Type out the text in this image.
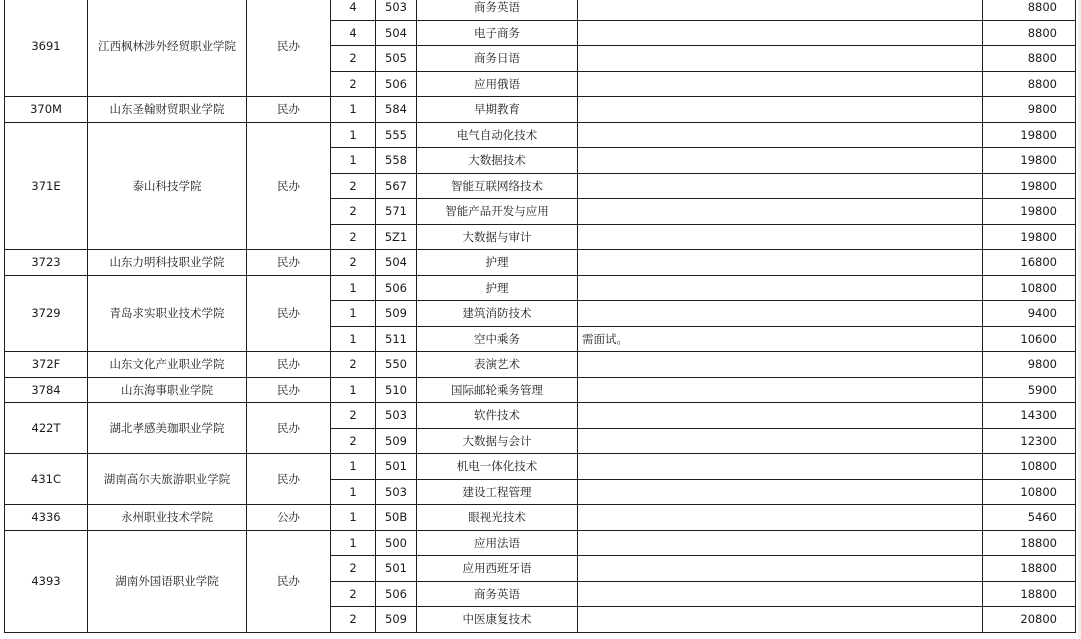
3691	江西枫林涉外经贸职业学院	民办	4	503	商务英语		8800
			4	504	电子商务		8800
			2	505	商务日语		8800
			2	506	应用俄语		8800
370M	山东圣翰财贸职业学院	民办	1	584	早期教育		9800
371E	泰山科技学院	民办	1	555	电气自动化技术		19800
			1	558	大数据技术		19800
			2	567	智能互联网络技术		19800
			2	571	智能产品开发与应用		19800
			2	5Z1	大数据与审计		19800
3723	山东力明科技职业学院	民办	2	504	护理		16800
3729	青岛求实职业技术学院	民办	1	506	护理		10800
			1	509	建筑消防技术		9400
			1	511	空中乘务	需面试。	10600
372F	山东文化产业职业学院	民办	2	550	表演艺术		9800
3784	山东海事职业学院	民办	1	510	国际邮轮乘务管理		5900
422T	湖北孝感美珈职业学院	民办	2	503	软件技术		14300
			2	509	大数据与会计		12300
431C	湖南高尔夫旅游职业学院	民办	1	501	机电一体化技术		10800
			1	503	建设工程管理		10800
4336	永州职业技术学院	公办	1	50B	眼视光技术		5460
4393	湖南外国语职业学院	民办	1	500	应用法语		18800
			2	501	应用西班牙语		18800
			2	506	商务英语		18800
			2	509	中医康复技术		20800
